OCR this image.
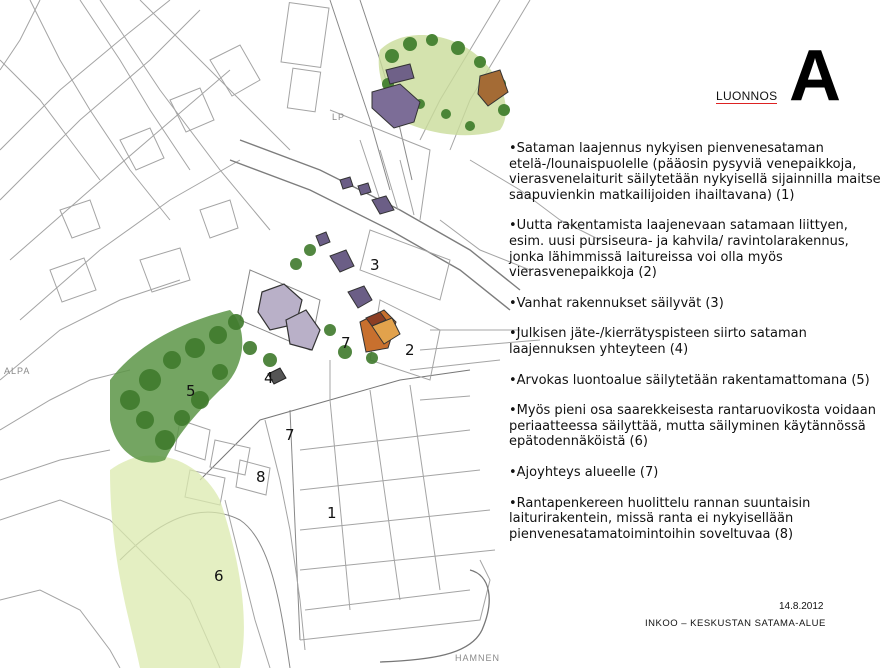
1
2
3
4
5
6
7
7
8
HAMNEN
ALPA
LP
LUONNOS A

•Sataman laajennus nykyisen pienvenesataman etelä-/lounaispuolelle (pääosin pysyviä venepaikkoja, vierasvenelaiturit säilytetään nykyisellä sijainnilla maitse saapuvienkin matkailijoiden ihailtavana) (1)

•Uutta rakentamista laajenevaan satamaan liittyen, esim. uusi pursiseura- ja kahvila/ ravintolarakennus, jonka lähimmissä laitureissa voi olla myös vierasvenepaikkoja (2)

•Vanhat rakennukset säilyvät (3)

•Julkisen jäte-/kierrätyspisteen siirto sataman laajennuksen yhteyteen (4)

•Arvokas luontoalue säilytetään rakentamattomana (5)

•Myös pieni osa saarekkeisesta rantaruovikosta voidaan periaatteessa säilyttää, mutta säilyminen käytännössä epätodennäköistä (6)

•Ajoyhteys alueelle (7)

•Rantapenkereen huolittelu rannan suuntaisin laiturirakentein, missä ranta ei nykyisellään pienvenesatamatoimintoihin soveltuvaa (8)

14.8.2012
INKOO – KESKUSTAN SATAMA-ALUE
